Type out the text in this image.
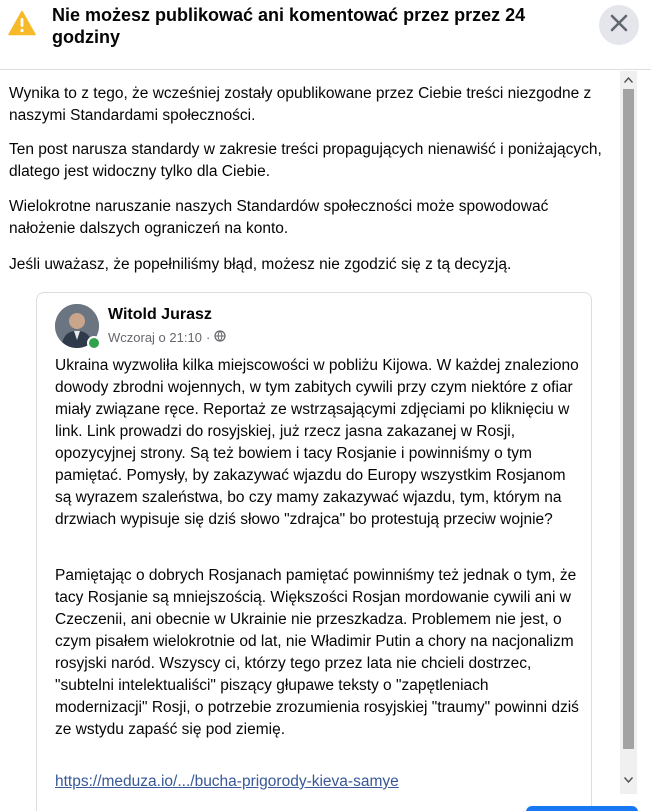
Nie możesz publikować ani komentować przez przez 24 godziny

Wynika to z tego, że wcześniej zostały opublikowane przez Ciebie treści niezgodne z naszymi Standardami społeczności.

Ten post narusza standardy w zakresie treści propagujących nienawiść i poniżających, dlatego jest widoczny tylko dla Ciebie.

Wielokrotne naruszanie naszych Standardów społeczności może spowodować nałożenie dalszych ograniczeń na konto.

Jeśli uważasz, że popełniliśmy błąd, możesz nie zgodzić się z tą decyzją.

Witold Jurasz
Wczoraj o 21:10 ·

Ukraina wyzwoliła kilka miejscowości w pobliżu Kijowa. W każdej znaleziono dowody zbrodni wojennych, w tym zabitych cywili przy czym niektóre z ofiar miały związane ręce. Reportaż ze wstrząsającymi zdjęciami po kliknięciu w link. Link prowadzi do rosyjskiej, już rzecz jasna zakazanej w Rosji, opozycyjnej strony. Są też bowiem i tacy Rosjanie i powinniśmy o tym pamiętać. Pomysły, by zakazywać wjazdu do Europy wszystkim Rosjanom są wyrazem szaleństwa, bo czy mamy zakazywać wjazdu, tym, którym na drzwiach wypisuje się dziś słowo "zdrajca" bo protestują przeciw wojnie?

Pamiętając o dobrych Rosjanach pamiętać powinniśmy też jednak o tym, że tacy Rosjanie są mniejszością. Większości Rosjan mordowanie cywili ani w Czeczenii, ani obecnie w Ukrainie nie przeszkadza. Problemem nie jest, o czym pisałem wielokrotnie od lat, nie Władimir Putin a chory na nacjonalizm rosyjski naród. Wszyscy ci, którzy tego przez lata nie chcieli dostrzec, "subtelni intelektualiści" piszący głupawe teksty o "zapętleniach modernizacji" Rosji, o potrzebie zrozumienia rosyjskiej "traumy" powinni dziś ze wstydu zapaść się pod ziemię.

https://meduza.io/.../bucha-prigorody-kieva-samye
